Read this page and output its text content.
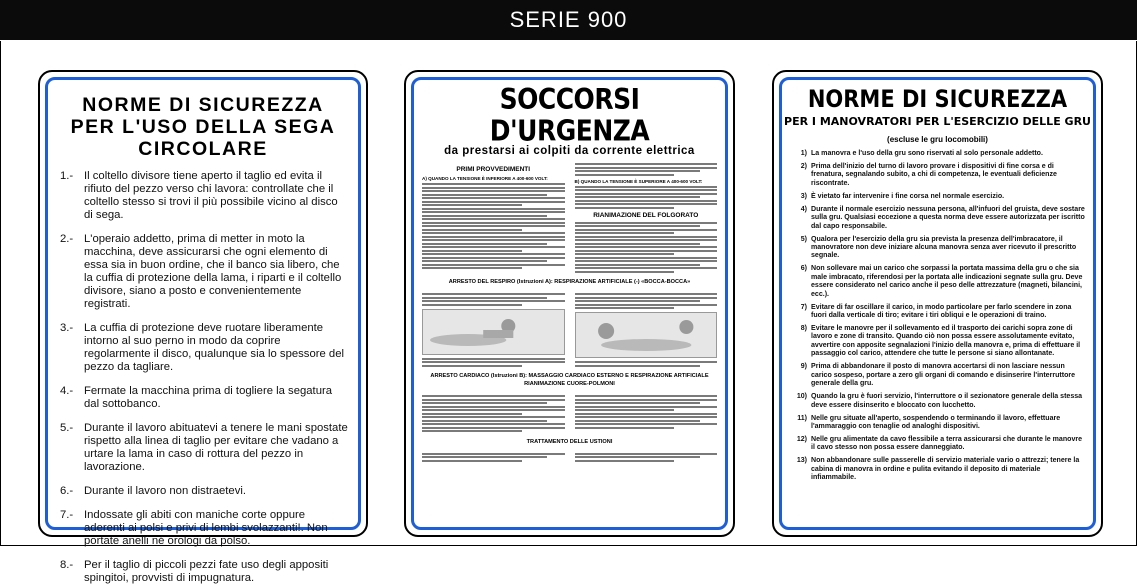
SERIE 900
NORME DI SICUREZZA
PER L'USO DELLA SEGA
CIRCOLARE
1.- Il coltello divisore tiene aperto il taglio ed evita il rifiuto del pezzo verso chi lavora: controllate che il coltello stesso si trovi il più possibile vicino al disco di sega.
2.- L'operaio addetto, prima di metter in moto la macchina, deve assicurarsi che ogni elemento di essa sia in buon ordine, che il banco sia libero, che la cuffia di protezione della lama, i riparti e il coltello divisore, siano a posto e convenientemente registrati.
3.- La cuffia di protezione deve ruotare liberamente intorno al suo perno in modo da coprire regolarmente il disco, qualunque sia lo spessore del pezzo da tagliare.
4.- Fermate la macchina prima di togliere la segatura dal sottobanco.
5.- Durante il lavoro abituatevi a tenere le mani spostate rispetto alla linea di taglio per evitare che vadano a urtare la lama in caso di rottura del pezzo in lavorazione.
6.- Durante il lavoro non distraetevi.
7.- Indossate gli abiti con maniche corte oppure aderenti ai polsi e privi di lembi svolazzanti!. Non portate anelli né orologi da polso.
8.- Per il taglio di piccoli pezzi fate uso degli appositi spingitoi, provvisti di impugnatura.
SOCCORSI D'URGENZA
da prestarsi ai colpiti da corrente elettrica
PRIMI PROVVEDIMENTI
A) QUANDO LA TENSIONE È INFERIORE A 400-600 VOLT:	B) QUANDO LA TENSIONE È SUPERIORE A 400-600 VOLT:
RIANIMAZIONE DEL FOLGORATO
ARRESTO DEL RESPIRO (Istruzioni A): RESPIRAZIONE ARTIFICIALE (-) «BOCCA-BOCCA»
ARRESTO CARDIACO (Istruzioni B): MASSAGGIO CARDIACO ESTERNO E RESPIRAZIONE ARTIFICIALE
RIANIMAZIONE CUORE-POLMONI
TRATTAMENTO DELLE USTIONI
NORME DI SICUREZZA
PER I MANOVRATORI PER L'ESERCIZIO DELLE GRU
(escluse le gru locomobili)
1) La manovra e l'uso della gru sono riservati al solo personale addetto.
2) Prima dell'inizio del turno di lavoro provare i dispositivi di fine corsa e di frenatura, segnalando subito, a chi di competenza, le eventuali deficienze riscontrate.
3) È vietato far intervenire i fine corsa nel normale esercizio.
4) Durante il normale esercizio nessuna persona, all'infuori del gruista, deve sostare sulla gru. Qualsiasi eccezione a questa norma deve essere autorizzata per iscritto dal capo responsabile.
5) Qualora per l'esercizio della gru sia prevista la presenza dell'imbracatore, il manovratore non deve iniziare alcuna manovra senza aver ricevuto il prescritto segnale.
6) Non sollevare mai un carico che sorpassi la portata massima della gru o che sia male imbracato, riferendosi per la portata alle indicazioni segnate sulla gru. Deve essere considerato nel carico anche il peso delle attrezzature (magneti, bilancini, ecc.).
7) Evitare di far oscillare il carico, in modo particolare per farlo scendere in zona fuori dalla verticale di tiro; evitare i tiri obliqui e le operazioni di traino.
8) Evitare le manovre per il sollevamento ed il trasporto dei carichi sopra zone di lavoro e zone di transito. Quando ciò non possa essere assolutamente evitato, avvertire con apposite segnalazioni l'inizio della manovra e, prima di effettuare il passaggio col carico, attendere che tutte le persone si siano allontanate.
9) Prima di abbandonare il posto di manovra accertarsi di non lasciare nessun carico sospeso, portare a zero gli organi di comando e disinserire l'interruttore generale della gru.
10) Quando la gru è fuori servizio, l'interruttore o il sezionatore generale della stessa deve essere disinserito e bloccato con lucchetto.
11) Nelle gru situate all'aperto, sospendendo o terminando il lavoro, effettuare l'ammaraggio con tenaglie od analoghi dispositivi.
12) Nelle gru alimentate da cavo flessibile a terra assicurarsi che durante le manovre il cavo stesso non possa essere danneggiato.
13) Non abbandonare sulle passerelle di servizio materiale vario o attrezzi; tenere la cabina di manovra in ordine e pulita evitando il deposito di materiale infiammabile.
